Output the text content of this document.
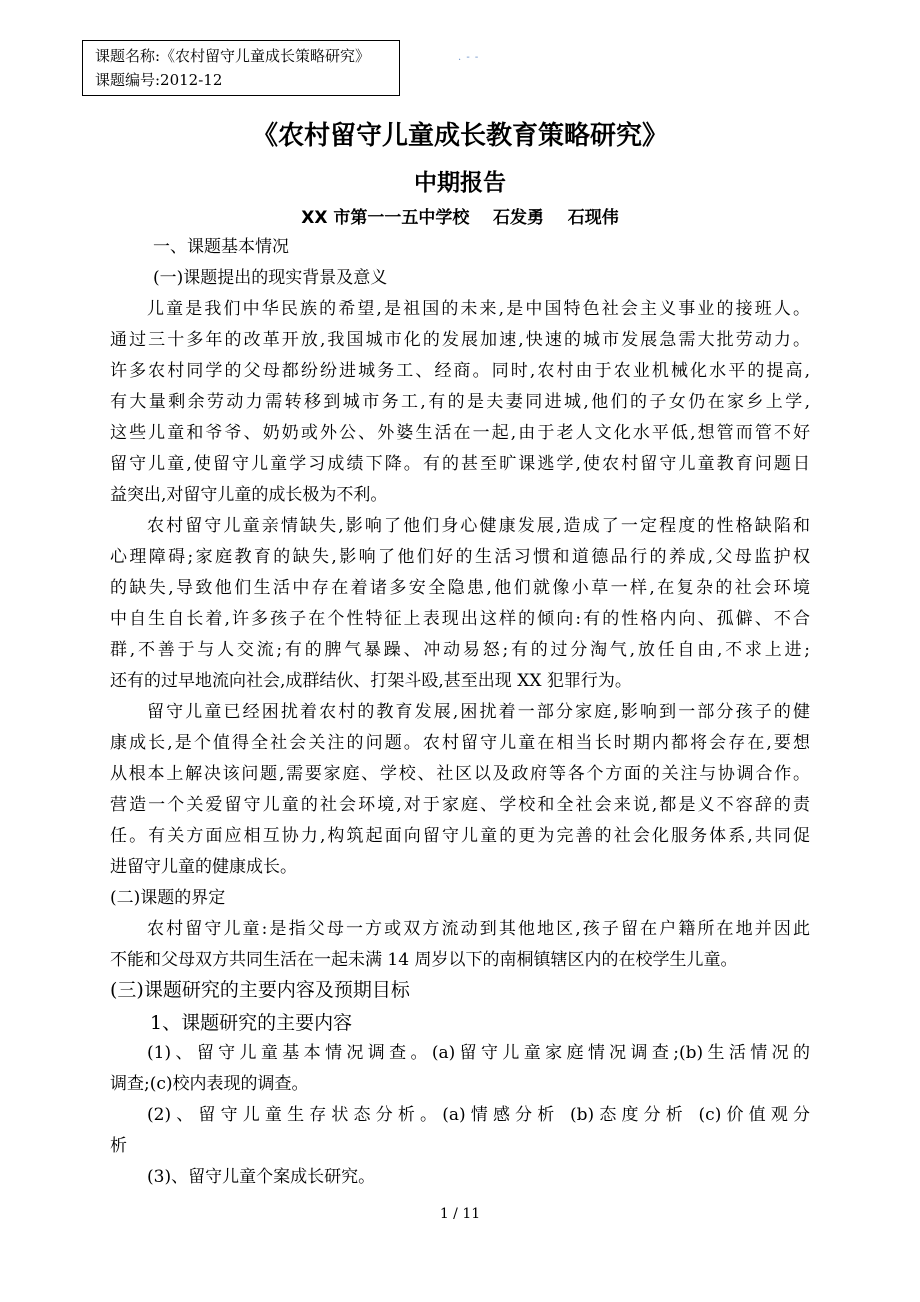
课题名称:《农村留守儿童成长策略研究》
课题编号:2012-12
. - -
《农村留守儿童成长教育策略研究》
中期报告
XX 市第一一五中学校    石发勇    石现伟
一、课题基本情况
(一)课题提出的现实背景及意义
儿童是我们中华民族的希望,是祖国的未来,是中国特色社会主义事业的接班人。
通过三十多年的改革开放,我国城市化的发展加速,快速的城市发展急需大批劳动力。
许多农村同学的父母都纷纷进城务工、经商。同时,农村由于农业机械化水平的提高,
有大量剩余劳动力需转移到城市务工,有的是夫妻同进城,他们的子女仍在家乡上学,
这些儿童和爷爷、奶奶或外公、外婆生活在一起,由于老人文化水平低,想管而管不好
留守儿童,使留守儿童学习成绩下降。有的甚至旷课逃学,使农村留守儿童教育问题日
益突出,对留守儿童的成长极为不利。
农村留守儿童亲情缺失,影响了他们身心健康发展,造成了一定程度的性格缺陷和
心理障碍;家庭教育的缺失,影响了他们好的生活习惯和道德品行的养成,父母监护权
的缺失,导致他们生活中存在着诸多安全隐患,他们就像小草一样,在复杂的社会环境
中自生自长着,许多孩子在个性特征上表现出这样的倾向:有的性格内向、孤僻、不合
群,不善于与人交流;有的脾气暴躁、冲动易怒;有的过分淘气,放任自由,不求上进;
还有的过早地流向社会,成群结伙、打架斗殴,甚至出现 XX 犯罪行为。
留守儿童已经困扰着农村的教育发展,困扰着一部分家庭,影响到一部分孩子的健
康成长,是个值得全社会关注的问题。农村留守儿童在相当长时期内都将会存在,要想
从根本上解决该问题,需要家庭、学校、社区以及政府等各个方面的关注与协调合作。
营造一个关爱留守儿童的社会环境,对于家庭、学校和全社会来说,都是义不容辞的责
任。有关方面应相互协力,构筑起面向留守儿童的更为完善的社会化服务体系,共同促
进留守儿童的健康成长。
(二)课题的界定
农村留守儿童:是指父母一方或双方流动到其他地区,孩子留在户籍所在地并因此
不能和父母双方共同生活在一起未满 14 周岁以下的南桐镇辖区内的在校学生儿童。
(三)课题研究的主要内容及预期目标
1、课题研究的主要内容
(1)、留守儿童基本情况调查。(a)留守儿童家庭情况调查;(b)生活情况的
调查;(c)校内表现的调查。
(2)、留守儿童生存状态分析。(a)情感分析 (b)态度分析 (c)价值观分
析
(3)、留守儿童个案成长研究。
1 / 11
